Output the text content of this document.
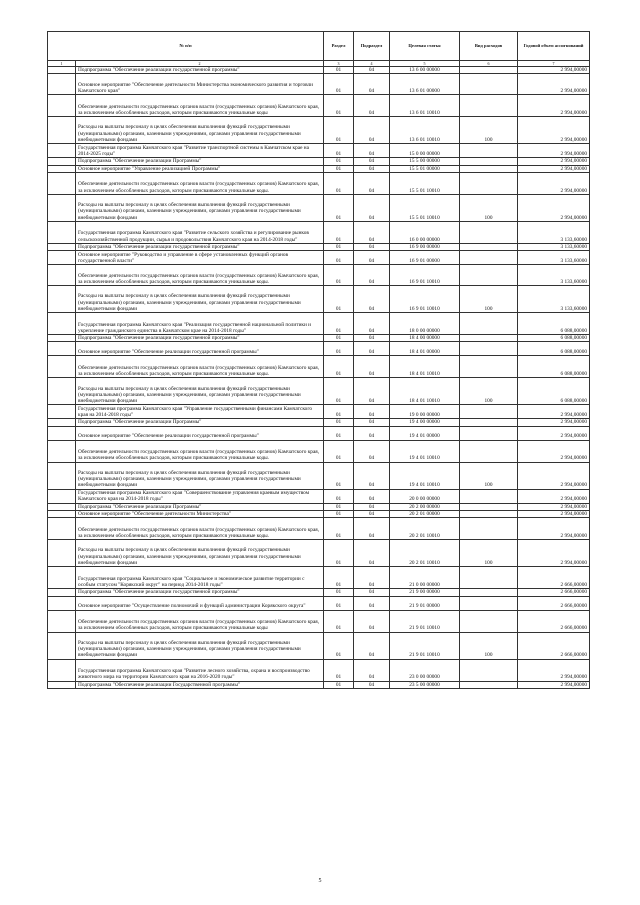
№ п/п		Раздел	Подраздел	Целевая статья	Вид расходов	Годовой объем ассигнований
1	2	3	4	5	6	7
	Подпрограмма "Обеспечение реализации государственной программы"	01	04	13 6 00 00000		2 994,00000
	Основное мероприятие "Обеспечение деятельности Министерства экономического развития и торговли Камчатского края"	01	04	13 6 01 00000		2 994,00000
	Обеспечение деятельности государственных органов власти (государственных органов) Камчатского края, за исключением обособленных расходов, которым присваиваются уникальные коды	01	04	13 6 01 10010		2 994,00000
	Расходы на выплаты персоналу в целях обеспечения выполнения функций государственными (муниципальными) органами, казенными учреждениями, органами управления государственными внебюджетными фондами	01	04	13 6 01 10010	100	2 994,00000
	Государственная программа Камчатского края "Развитие транспортной системы в Камчатском крае на 2014-2025 годы"	01	04	15 0 00 00000		2 994,00000
	Подпрограмма "Обеспечение реализации Программы"	01	04	15 5 00 00000		2 994,00000
	Основное мероприятие "Управление реализацией Программы"	01	04	15 5 01 00000		2 994,00000
	Обеспечение деятельности государственных органов власти (государственных органов) Камчатского края, за исключением обособленных расходов, которым присваиваются уникальные коды.	01	04	15 5 01 10010		2 994,00000
	Расходы на выплаты персоналу в целях обеспечения выполнения функций государственными (муниципальными) органами, казенными учреждениями, органами управления государственными внебюджетными фондами	01	04	15 5 01 10010	100	2 994,00000
	Государственная программа Камчатского края "Развитие сельского хозяйства и регулирование рынков сельскохозяйственной продукции, сырья и продовольствия Камчатского края на 2014-2018 годы"	01	04	16 0 00 00000		3 133,60000
	Подпрограмма "Обеспечение реализации государственной программы"	01	04	16 9 00 00000		3 133,60000
	Основное мероприятие "Руководство и управление в сфере установленных функций органов государственной власти"	01	04	16 9 01 00000		3 133,60000
	Обеспечение деятельности государственных органов власти (государственных органов) Камчатского края, за исключением обособленных расходов, которым присваиваются уникальные коды.	01	04	16 9 01 10010		3 133,60000
	Расходы на выплаты персоналу в целях обеспечения выполнения функций государственными (муниципальными) органами, казенными учреждениями, органами управления государственными внебюджетными фондами	01	04	16 9 01 10010	100	3 133,60000
	Государственная программа Камчатского края "Реализация государственной национальной политики и укрепление гражданского единства в Камчатском крае на 2014-2018 годы"	01	04	18 0 00 00000		6 088,00000
	Подпрограмма "Обеспечение реализации государственной программы"	01	04	18 4 00 00000		6 088,00000
	Основное мероприятие "Обеспечение реализации государственной программы"	01	04	18 4 01 00000		6 088,00000
	Обеспечение деятельности государственных органов власти (государственных органов) Камчатского края, за исключением обособленных расходов, которым присваиваются уникальные коды.	01	04	18 4 01 10010		6 088,00000
	Расходы на выплаты персоналу в целях обеспечения выполнения функций государственными (муниципальными) органами, казенными учреждениями, органами управления государственными внебюджетными фондами	01	04	18 4 01 10010	100	6 088,00000
	Государственная программа Камчатского края "Управление государственными финансами Камчатского края на 2014-2018 годы"	01	04	19 0 00 00000		2 994,00000
	Подпрограмма "Обеспечение реализации Программы"	01	04	19 4 00 00000		2 994,00000
	Основное мероприятие "Обеспечение реализации государственной программы"	01	04	19 4 01 00000		2 994,00000
	Обеспечение деятельности государственных органов власти (государственных органов) Камчатского края, за исключением обособленных расходов, которым присваиваются уникальные коды.	01	04	19 4 01 10010		2 994,00000
	Расходы на выплаты персоналу в целях обеспечения выполнения функций государственными (муниципальными) органами, казенными учреждениями, органами управления государственными внебюджетными фондами	01	04	19 4 01 10010	100	2 994,00000
	Государственная программа Камчатского края "Совершенствование управления краевым имуществом Камчатского края на 2014-2018 годы"	01	04	20 0 00 00000		2 994,00000
	Подпрограмма "Обеспечение реализации Программы"	01	04	20 2 00 00000		2 994,00000
	Основное мероприятие "Обеспечение деятельности Министерства"	01	04	20 2 01 00000		2 994,00000
	Обеспечение деятельности государственных органов власти (государственных органов) Камчатского края, за исключением обособленных расходов, которым присваиваются уникальные коды.	01	04	20 2 01 10010		2 994,00000
	Расходы на выплаты персоналу в целях обеспечения выполнения функций государственными (муниципальными) органами, казенными учреждениями, органами управления государственными внебюджетными фондами	01	04	20 2 01 10010	100	2 994,00000
	Государственная программа Камчатского края "Социальное и экономическое развитие территории с особым статусом "Корякский округ" на период 2014-2018 годы"	01	04	21 0 00 00000		2 666,00000
	Подпрограмма "Обеспечение реализации государственной программы"	01	04	21 9 00 00000		2 666,00000
	Основное мероприятие "Осуществление полномочий и функций администрации Корякского округа"	01	04	21 9 01 00000		2 666,00000
	Обеспечение деятельности государственных органов власти (государственных органов) Камчатского края, за исключением обособленных расходов, которым присваиваются уникальные коды	01	04	21 9 01 10010		2 666,00000
	Расходы на выплаты персоналу в целях обеспечения выполнения функций государственными (муниципальными) органами, казенными учреждениями, органами управления государственными внебюджетными фондами	01	04	21 9 01 10010	100	2 666,00000
	Государственная программа Камчатского края "Развитие лесного хозяйства, охрана и воспроизводство животного мира на территории Камчатского края на 2016-2020 годы"	01	04	23 0 00 00000		2 994,00000
	Подпрограмма "Обеспечение реализации Государственной программы"	01	04	23 5 00 00000		2 994,00000
5
